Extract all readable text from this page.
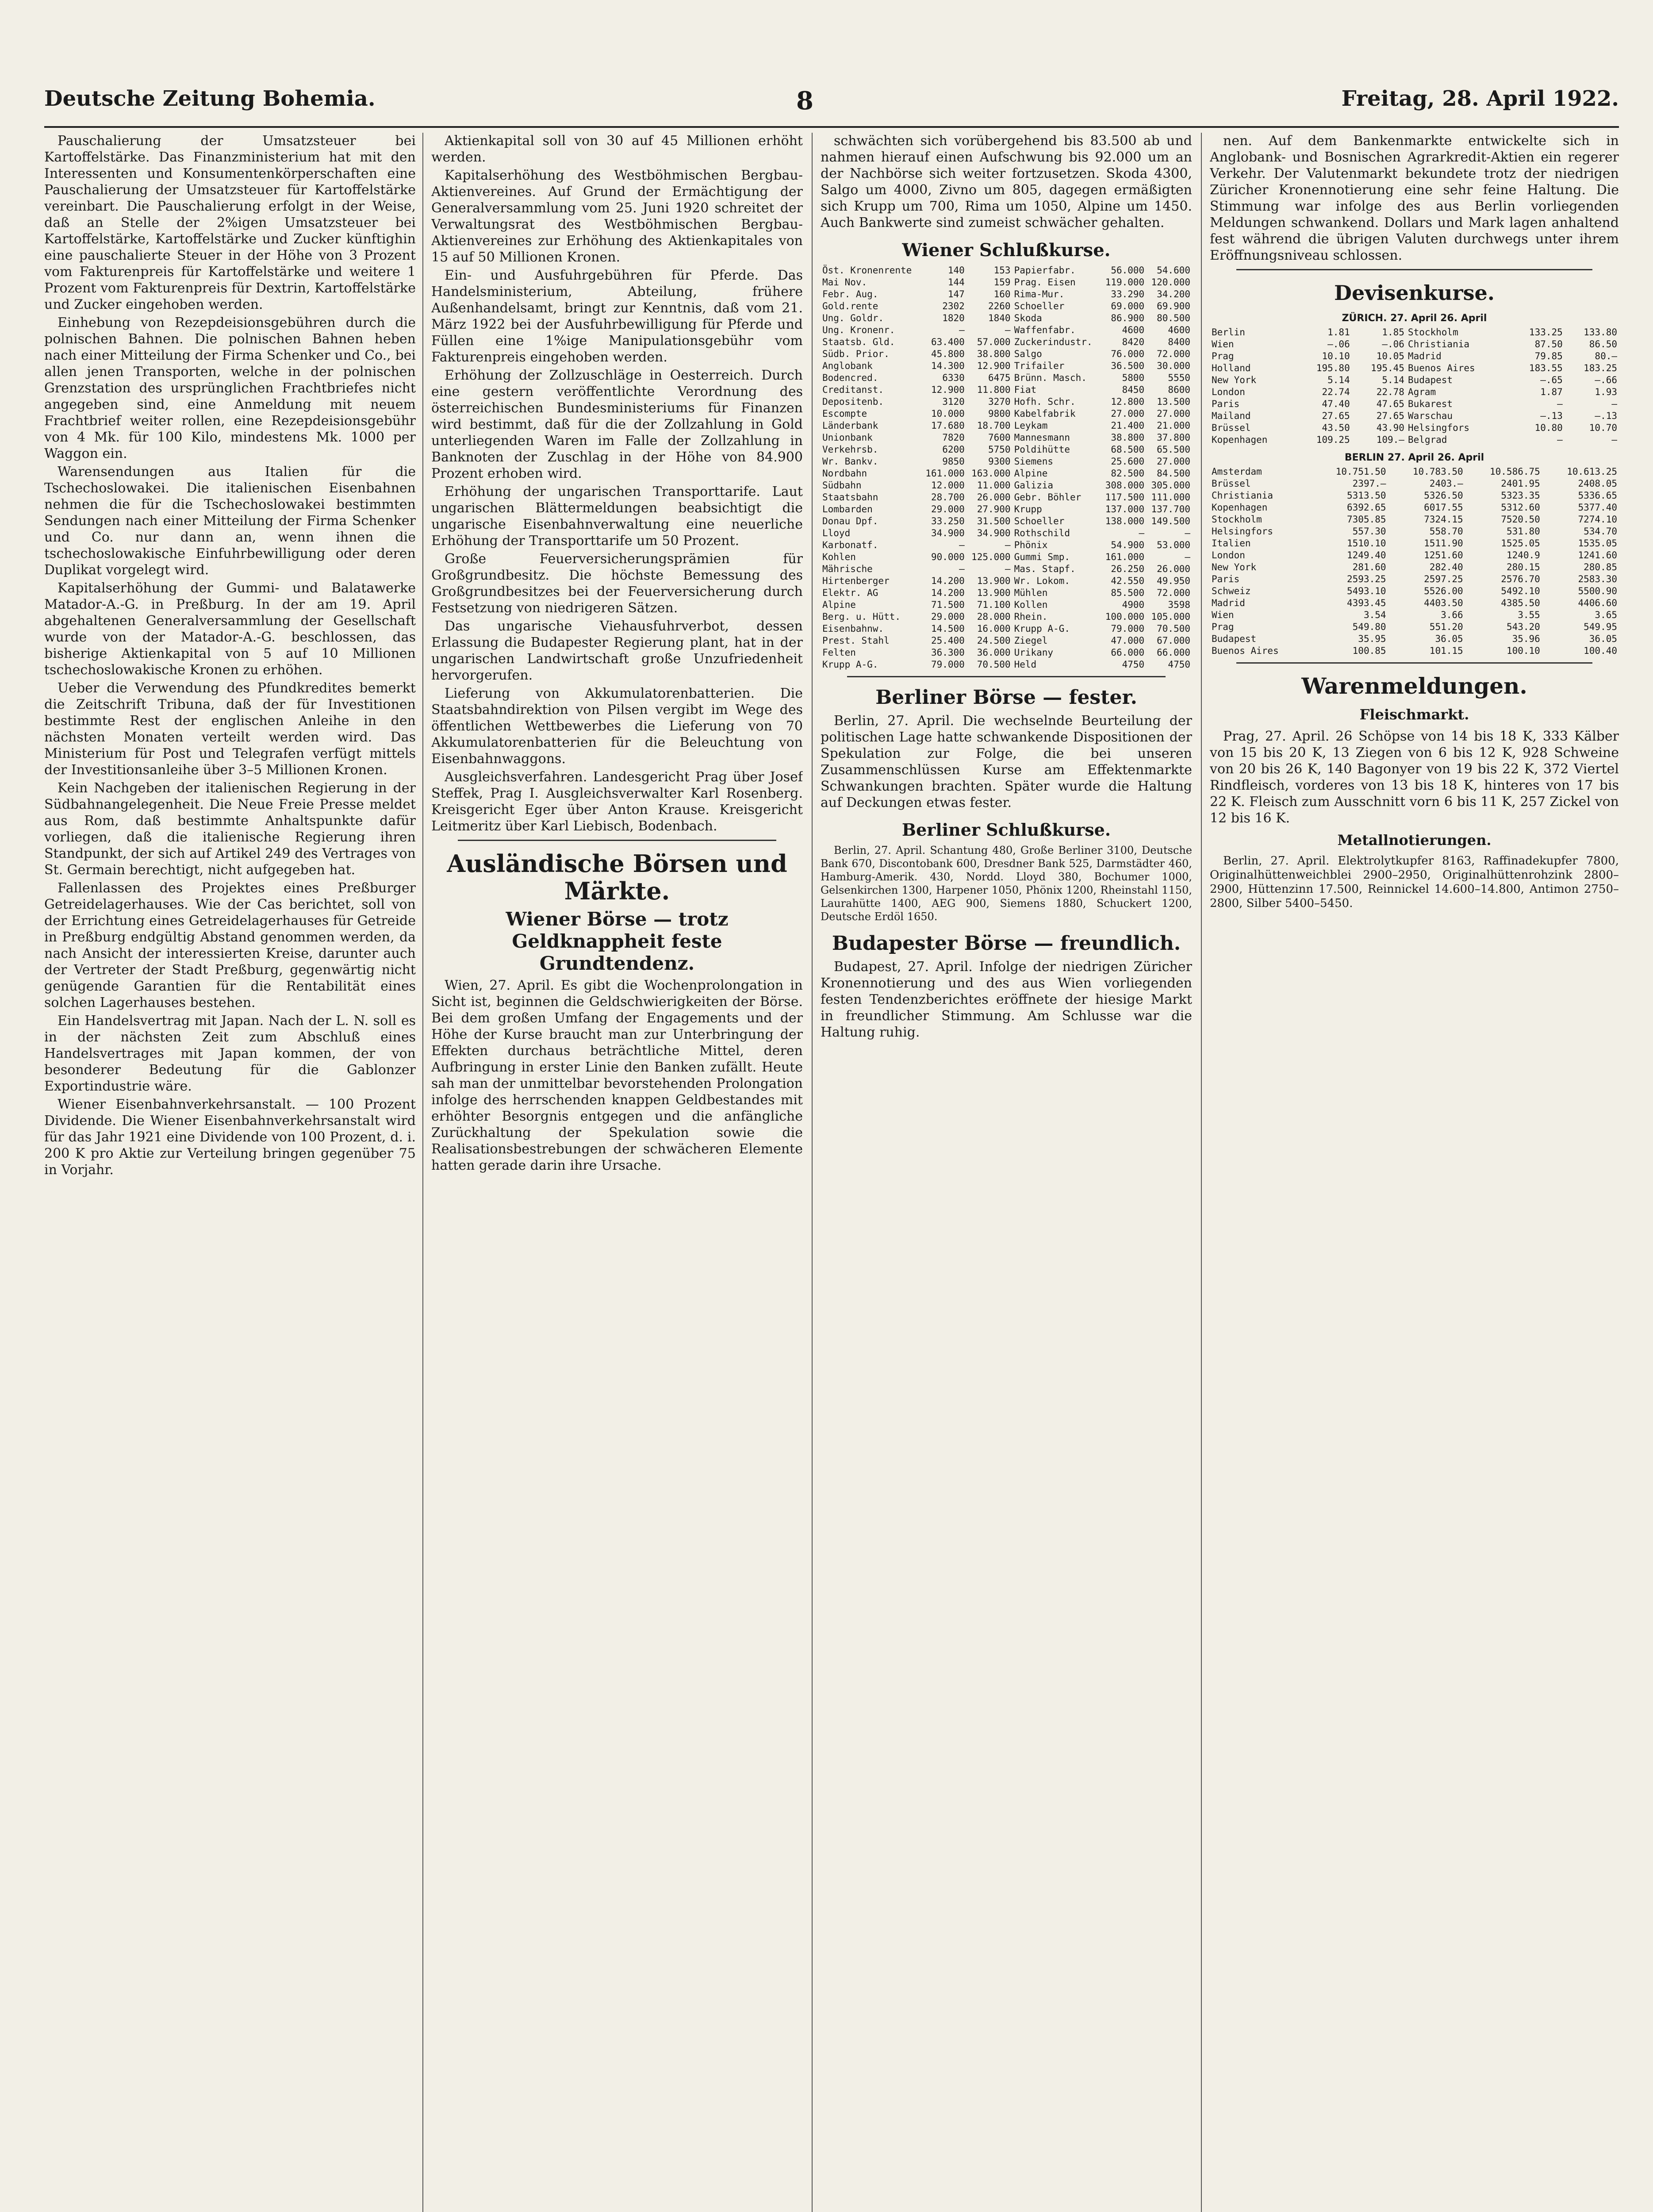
Deutsche Zeitung Bohemia.	8	Freitag, 28. April 1922.

Pauschalierung der Umsatzsteuer bei Kartoffelstärke. Das Finanzministerium hat mit den Interessenten und Konsumentenkörperschaften eine Pauschalierung der Umsatzsteuer für Kartoffelstärke vereinbart. Die Pauschalierung erfolgt in der Weise, daß an Stelle der 2%igen Umsatzsteuer bei Kartoffelstärke, Kartoffelstärke und Zucker künftighin eine pauschalierte Steuer in der Höhe von 3 Prozent vom Fakturenpreis für Kartoffelstärke und weitere 1 Prozent vom Fakturenpreis für Dextrin, Kartoffelstärke und Zucker eingehoben werden.

Einhebung von Rezepdeisionsgebühren durch die polnischen Bahnen. Die polnischen Bahnen heben nach einer Mitteilung der Firma Schenker und Co., bei allen jenen Transporten, welche in der polnischen Grenzstation des ursprünglichen Frachtbriefes nicht angegeben sind, eine Anmeldung mit neuem Frachtbrief weiter rollen, eine Rezepdeisionsgebühr von 4 Mk. für 100 Kilo, mindestens Mk. 1000 per Waggon ein.

Warensendungen aus Italien für die Tschechoslowakei. Die italienischen Eisenbahnen nehmen die für die Tschechoslowakei bestimmten Sendungen nach einer Mitteilung der Firma Schenker und Co. nur dann an, wenn ihnen die tschechoslowakische Einfuhrbewilligung oder deren Duplikat vorgelegt wird.

Kapitalserhöhung der Gummi- und Balatawerke Matador-A.-G. in Preßburg. In der am 19. April abgehaltenen Generalversammlung der Gesellschaft wurde von der Matador-A.-G. beschlossen, das bisherige Aktienkapital von 5 auf 10 Millionen tschechoslowakische Kronen zu erhöhen.

Ueber die Verwendung des Pfundkredites bemerkt die Zeitschrift Tribuna, daß der für Investitionen bestimmte Rest der englischen Anleihe in den nächsten Monaten verteilt werden wird. Das Ministerium für Post und Telegrafen verfügt mittels der Investitionsanleihe über 3–5 Millionen Kronen.

Kein Nachgeben der italienischen Regierung in der Südbahnangelegenheit. Die Neue Freie Presse meldet aus Rom, daß bestimmte Anhaltspunkte dafür vorliegen, daß die italienische Regierung ihren Standpunkt, der sich auf Artikel 249 des Vertrages von St. Germain berechtigt, nicht aufgegeben hat.

Fallenlassen des Projektes eines Preßburger Getreidelagerhauses. Wie der Cas berichtet, soll von der Errichtung eines Getreidelagerhauses für Getreide in Preßburg endgültig Abstand genommen werden, da nach Ansicht der interessierten Kreise, darunter auch der Vertreter der Stadt Preßburg, gegenwärtig nicht genügende Garantien für die Rentabilität eines solchen Lagerhauses bestehen.

Ein Handelsvertrag mit Japan. Nach der L. N. soll es in der nächsten Zeit zum Abschluß eines Handelsvertrages mit Japan kommen, der von besonderer Bedeutung für die Gablonzer Exportindustrie wäre.

Wiener Eisenbahnverkehrsanstalt. — 100 Prozent Dividende. Die Wiener Eisenbahnverkehrsanstalt wird für das Jahr 1921 eine Dividende von 100 Prozent, d. i. 200 K pro Aktie zur Verteilung bringen gegenüber 75 in Vorjahr.

Aktienkapital soll von 30 auf 45 Millionen erhöht werden.

Kapitalserhöhung des Westböhmischen Bergbau-Aktienvereines. Auf Grund der Ermächtigung der Generalversammlung vom 25. Juni 1920 schreitet der Verwaltungsrat des Westböhmischen Bergbau-Aktienvereines zur Erhöhung des Aktienkapitales von 15 auf 50 Millionen Kronen.

Ein- und Ausfuhrgebühren für Pferde. Das Handelsministerium, Abteilung, frühere Außenhandelsamt, bringt zur Kenntnis, daß vom 21. März 1922 bei der Ausfuhrbewilligung für Pferde und Füllen eine 1%ige Manipulationsgebühr vom Fakturenpreis eingehoben werden.

Erhöhung der Zollzuschläge in Oesterreich. Durch eine gestern veröffentlichte Verordnung des österreichischen Bundesministeriums für Finanzen wird bestimmt, daß für die der Zollzahlung in Gold unterliegenden Waren im Falle der Zollzahlung in Banknoten der Zuschlag in der Höhe von 84.900 Prozent erhoben wird.

Erhöhung der ungarischen Transporttarife. Laut ungarischen Blättermeldungen beabsichtigt die ungarische Eisenbahnverwaltung eine neuerliche Erhöhung der Transporttarife um 50 Prozent.

Große Feuerversicherungsprämien für Großgrundbesitz. Die höchste Bemessung des Großgrundbesitzes bei der Feuerversicherung durch Festsetzung von niedrigeren Sätzen.

Das ungarische Viehausfuhrverbot, dessen Erlassung die Budapester Regierung plant, hat in der ungarischen Landwirtschaft große Unzufriedenheit hervorgerufen.

Lieferung von Akkumulatorenbatterien. Die Staatsbahndirektion von Pilsen vergibt im Wege des öffentlichen Wettbewerbes die Lieferung von 70 Akkumulatorenbatterien für die Beleuchtung von Eisenbahnwaggons.

Ausgleichsverfahren. Landesgericht Prag über Josef Steffek, Prag I. Ausgleichsverwalter Karl Rosenberg. Kreisgericht Eger über Anton Krause. Kreisgericht Leitmeritz über Karl Liebisch, Bodenbach.

Ausländische Börsen und Märkte.
Wiener Börse — trotz Geldknappheit feste Grundtendenz.

Wien, 27. April. Es gibt die Wochenprolongation in Sicht ist, beginnen die Geldschwierigkeiten der Börse. Bei dem großen Umfang der Engagements und der Höhe der Kurse braucht man zur Unterbringung der Effekten durchaus beträchtliche Mittel, deren Aufbringung in erster Linie den Banken zufällt. Heute sah man der unmittelbar bevorstehenden Prolongation infolge des herrschenden knappen Geldbestandes mit erhöhter Besorgnis entgegen und die anfängliche Zurückhaltung der Spekulation sowie die Realisationsbestrebungen der schwächeren Elemente hatten gerade darin ihre Ursache.

schwächten sich vorübergehend bis 83.500 ab und nahmen hierauf einen Aufschwung bis 92.000 um an der Nachbörse sich weiter fortzusetzen. Skoda 4300, Salgo um 4000, Zivno um 805, dagegen ermäßigten sich Krupp um 700, Rima um 1050, Alpine um 1450. Auch Bankwerte sind zumeist schwächer gehalten.

Wiener Schlußkurse.
Öst. Kronenrente	140	153	Papierfabr.	56.000	54.600
Mai Nov.	144	159	Prag. Eisen	119.000	120.000
Febr. Aug.	147	160	Rima-Mur.	33.290	34.200
Gold.rente	2302	2260	Schoeller	69.000	69.900
Ung. Goldr.	1820	1840	Skoda	86.900	80.500
Ung. Kronenr.	—	—	Waffenfabr.	4600	4600
Staatsb. Gld.	63.400	57.000	Zuckerindustr.	8420	8400
Südb. Prior.	45.800	38.800	Salgo	76.000	72.000
Anglobank	14.300	12.900	Trifailer	36.500	30.000
Bodencred.	6330	6475	Brünn. Masch.	5800	5550
Creditanst.	12.900	11.800	Fiat	8450	8600
Depositenb.	3120	3270	Hofh. Schr.	12.800	13.500
Escompte	10.000	9800	Kabelfabrik	27.000	27.000
Länderbank	17.680	18.700	Leykam	21.400	21.000
Unionbank	7820	7600	Mannesmann	38.800	37.800
Verkehrsb.	6200	5750	Poldihütte	68.500	65.500
Wr. Bankv.	9850	9300	Siemens	25.600	27.000
Nordbahn	161.000	163.000	Alpine	82.500	84.500
Südbahn	12.000	11.000	Galizia	308.000	305.000
Staatsbahn	28.700	26.000	Gebr. Böhler	117.500	111.000
Lombarden	29.000	27.900	Krupp	137.000	137.700
Donau Dpf.	33.250	31.500	Schoeller	138.000	149.500
Lloyd	34.900	34.900	Rothschild	—	—
Karbonatf.	—	—	Phönix	54.900	53.000
Kohlen	90.000	125.000	Gummi Smp.	161.000	—
Mährische	—	—	Mas. Stapf.	26.250	26.000
Hirtenberger	14.200	13.900	Wr. Lokom.	42.550	49.950
Elektr. AG	14.200	13.900	Mühlen	85.500	72.000
Alpine	71.500	71.100	Kollen	4900	3598
Berg. u. Hütt.	29.000	28.000	Rhein.	100.000	105.000
Eisenbahnw.	14.500	16.000	Krupp A-G.	79.000	70.500
Prest. Stahl	25.400	24.500	Ziegel	47.000	67.000
Felten	36.300	36.000	Urikany	66.000	66.000
Krupp A-G.	79.000	70.500	Held	4750	4750
Berliner Börse — fester.

Berlin, 27. April. Die wechselnde Beurteilung der politischen Lage hatte schwankende Dispositionen der Spekulation zur Folge, die bei unseren Zusammenschlüssen Kurse am Effektenmarkte Schwankungen brachten. Später wurde die Haltung auf Deckungen etwas fester.

Berliner Schlußkurse.

Berlin, 27. April. Schantung 480, Große Berliner 3100, Deutsche Bank 670, Discontobank 600, Dresdner Bank 525, Darmstädter 460, Hamburg-Amerik. 430, Nordd. Lloyd 380, Bochumer 1000, Gelsenkirchen 1300, Harpener 1050, Phönix 1200, Rheinstahl 1150, Laurahütte 1400, AEG 900, Siemens 1880, Schuckert 1200, Deutsche Erdöl 1650.

Budapester Börse — freundlich.

Budapest, 27. April. Infolge der niedrigen Züricher Kronennotierung und des aus Wien vorliegenden festen Tendenzberichtes eröffnete der hiesige Markt in freundlicher Stimmung. Am Schlusse war die Haltung ruhig.

nen. Auf dem Bankenmarkte entwickelte sich in Anglobank- und Bosnischen Agrarkredit-Aktien ein regerer Verkehr. Der Valutenmarkt bekundete trotz der niedrigen Züricher Kronennotierung eine sehr feine Haltung. Die Stimmung war infolge des aus Berlin vorliegenden Meldungen schwankend. Dollars und Mark lagen anhaltend fest während die übrigen Valuten durchwegs unter ihrem Eröffnungsniveau schlossen.

Devisenkurse.
ZÜRICH. 27. April 26. April
Berlin	1.81	1.85	Stockholm	133.25	133.80
Wien	—.06	—.06	Christiania	87.50	86.50
Prag	10.10	10.05	Madrid	79.85	80.—
Holland	195.80	195.45	Buenos Aires	183.55	183.25
New York	5.14	5.14	Budapest	—.65	—.66
London	22.74	22.78	Agram	1.87	1.93
Paris	47.40	47.65	Bukarest	—	—
Mailand	27.65	27.65	Warschau	—.13	—.13
Brüssel	43.50	43.90	Helsingfors	10.80	10.70
Kopenhagen	109.25	109.—	Belgrad	—	—
BERLIN 27. April 26. April
Amsterdam	10.751.50	10.783.50	10.586.75	10.613.25
Brüssel	2397.—	2403.—	2401.95	2408.05
Christiania	5313.50	5326.50	5323.35	5336.65
Kopenhagen	6392.65	6017.55	5312.60	5377.40
Stockholm	7305.85	7324.15	7520.50	7274.10
Helsingfors	557.30	558.70	531.80	534.70
Italien	1510.10	1511.90	1525.05	1535.05
London	1249.40	1251.60	1240.9	1241.60
New York	281.60	282.40	280.15	280.85
Paris	2593.25	2597.25	2576.70	2583.30
Schweiz	5493.10	5526.00	5492.10	5500.90
Madrid	4393.45	4403.50	4385.50	4406.60
Wien	3.54	3.66	3.55	3.65
Prag	549.80	551.20	543.20	549.95
Budapest	35.95	36.05	35.96	36.05
Buenos Aires	100.85	101.15	100.10	100.40
Warenmeldungen.
Fleischmarkt.

Prag, 27. April. 26 Schöpse von 14 bis 18 K, 333 Kälber von 15 bis 20 K, 13 Ziegen von 6 bis 12 K, 928 Schweine von 20 bis 26 K, 140 Bagonyer von 19 bis 22 K, 372 Viertel Rindfleisch, vorderes von 13 bis 18 K, hinteres von 17 bis 22 K. Fleisch zum Ausschnitt vorn 6 bis 11 K, 257 Zickel von 12 bis 16 K.

Metallnotierungen.

Berlin, 27. April. Elektrolytkupfer 8163, Raffinadekupfer 7800, Originalhüttenweichblei 2900–2950, Originalhüttenrohzink 2800–2900, Hüttenzinn 17.500, Reinnickel 14.600–14.800, Antimon 2750–2800, Silber 5400–5450.
